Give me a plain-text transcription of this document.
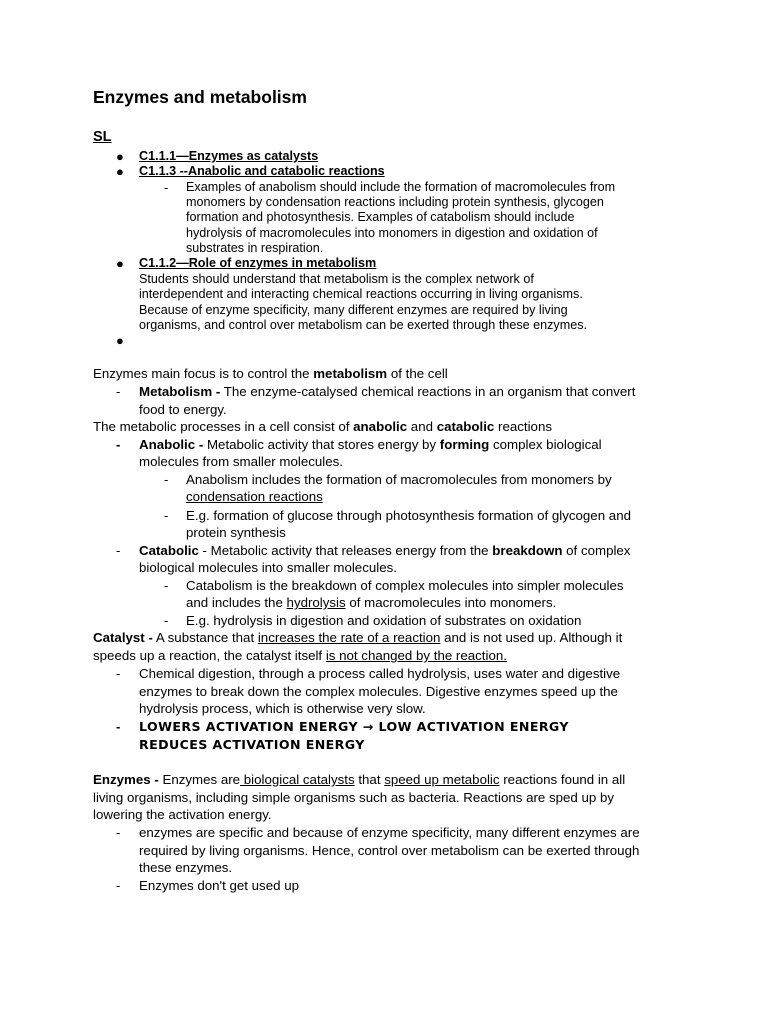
Enzymes and metabolism
SL
● C1.1.1—Enzymes as catalysts
● C1.1.3 --Anabolic and catabolic reactions
- Examples of anabolism should include the formation of macromolecules from
monomers by condensation reactions including protein synthesis, glycogen
formation and photosynthesis. Examples of catabolism should include
hydrolysis of macromolecules into monomers in digestion and oxidation of
substrates in respiration.
● C1.1.2—Role of enzymes in metabolism
Students should understand that metabolism is the complex network of
interdependent and interacting chemical reactions occurring in living organisms.
Because of enzyme specificity, many different enzymes are required by living
organisms, and control over metabolism can be exerted through these enzymes.
●
Enzymes main focus is to control the metabolism of the cell
- Metabolism - The enzyme-catalysed chemical reactions in an organism that convert
food to energy.
The metabolic processes in a cell consist of anabolic and catabolic reactions
- Anabolic - Metabolic activity that stores energy by forming complex biological
molecules from smaller molecules.
- Anabolism includes the formation of macromolecules from monomers by
condensation reactions
- E.g. formation of glucose through photosynthesis formation of glycogen and
protein synthesis
- Catabolic - Metabolic activity that releases energy from the breakdown of complex
biological molecules into smaller molecules.
- Catabolism is the breakdown of complex molecules into simpler molecules
and includes the hydrolysis of macromolecules into monomers.
- E.g. hydrolysis in digestion and oxidation of substrates on oxidation
Catalyst - A substance that increases the rate of a reaction and is not used up. Although it
speeds up a reaction, the catalyst itself is not changed by the reaction.
- Chemical digestion, through a process called hydrolysis, uses water and digestive
enzymes to break down the complex molecules. Digestive enzymes speed up the
hydrolysis process, which is otherwise very slow.
- LOWERS ACTIVATION ENERGY → LOW ACTIVATION ENERGY
REDUCES ACTIVATION ENERGY
Enzymes - Enzymes are biological catalysts that speed up metabolic reactions found in all
living organisms, including simple organisms such as bacteria. Reactions are sped up by
lowering the activation energy.
- enzymes are specific and because of enzyme specificity, many different enzymes are
required by living organisms. Hence, control over metabolism can be exerted through
these enzymes.
- Enzymes don't get used up
